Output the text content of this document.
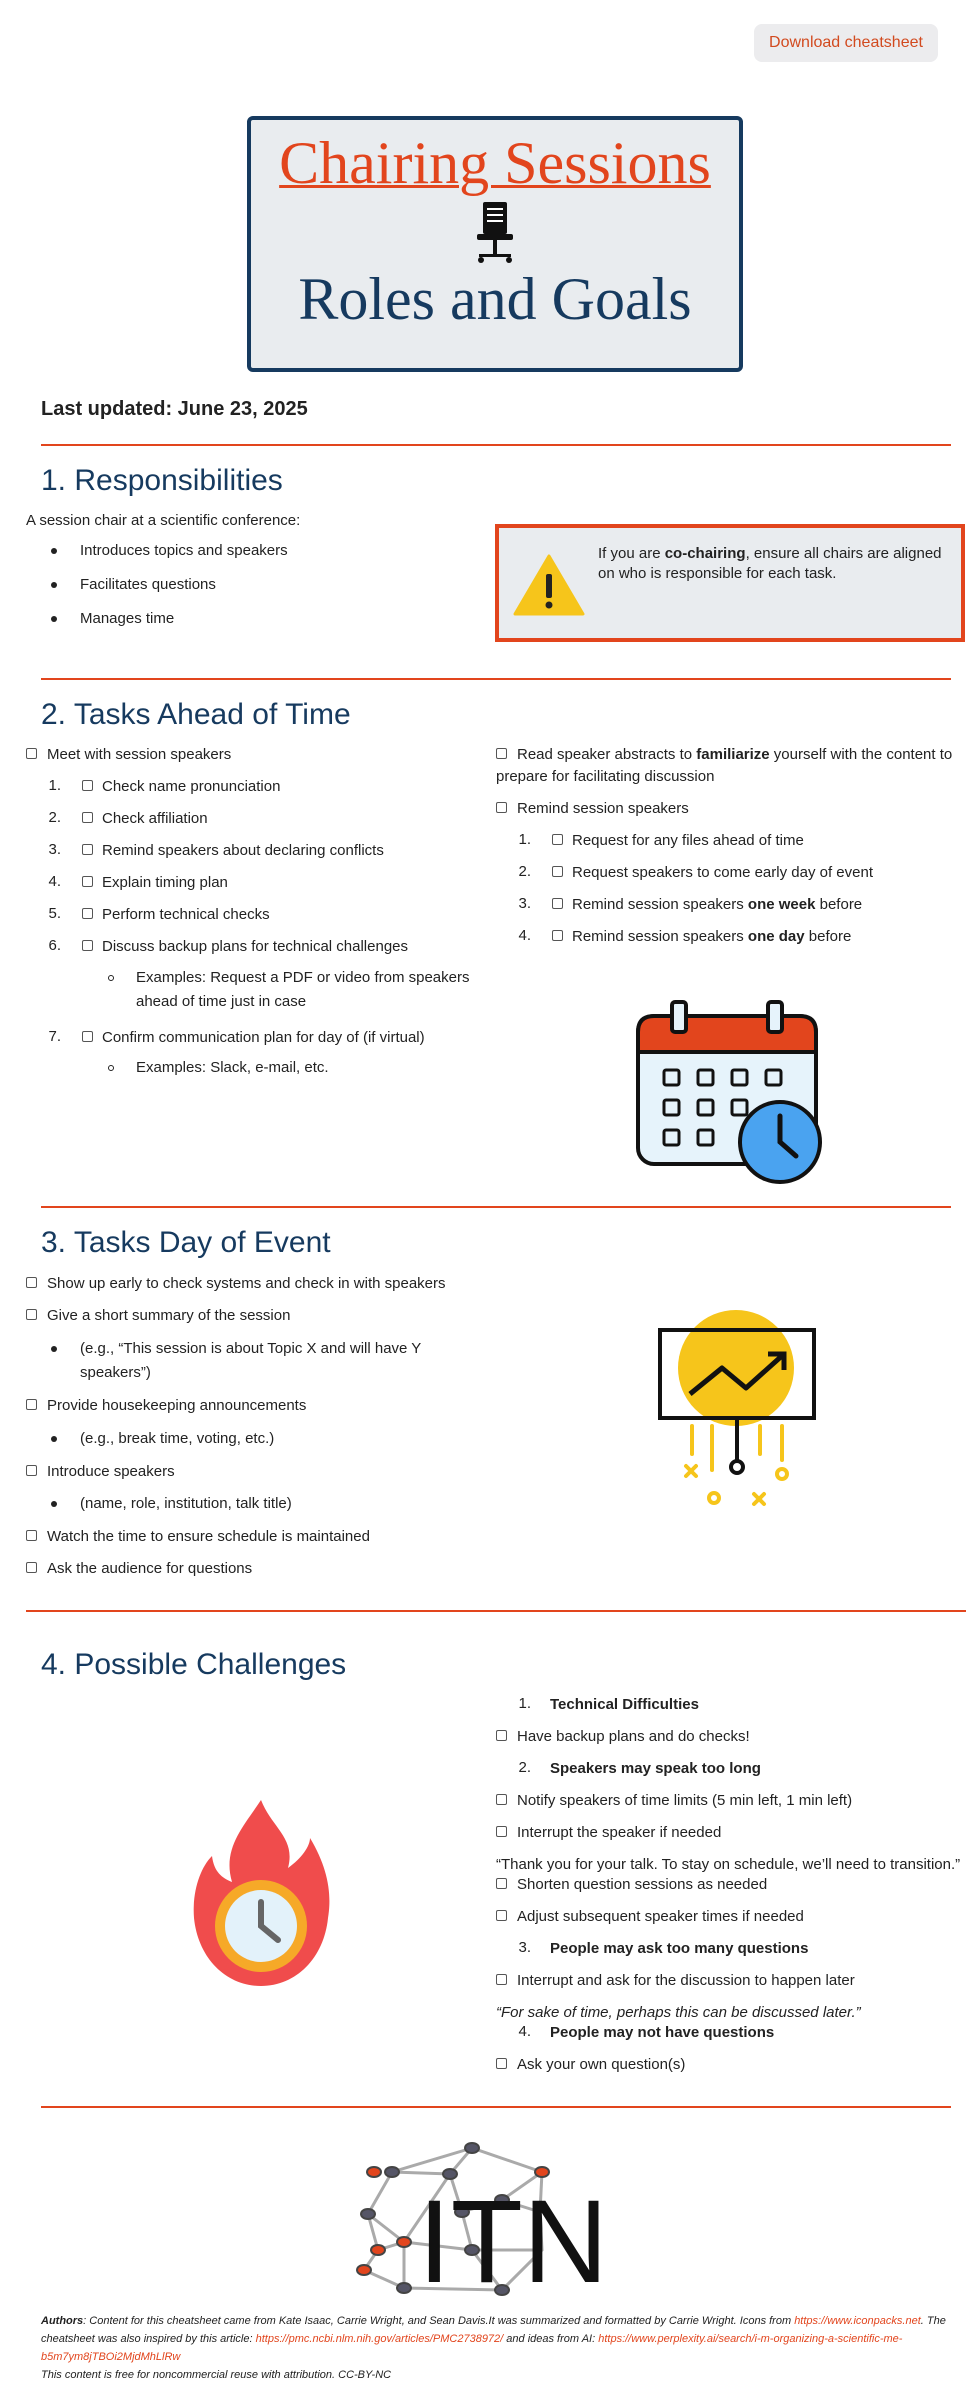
Download cheatsheet
Chairing Sessions
Roles and Goals
Last updated: June 23, 2025
1. Responsibilities
A session chair at a scientific conference:
Introduces topics and speakers
Facilitates questions
Manages time
If you are co-chairing, ensure all chairs are aligned on who is responsible for each task.
2. Tasks Ahead of Time
Meet with session speakers
1.	Check name pronunciation
2.	Check affiliation
3.	Remind speakers about declaring conflicts
4.	Explain timing plan
5.	Perform technical checks
6.	Discuss backup plans for technical challenges
Examples: Request a PDF or video from speakers
ahead of time just in case
7.	Confirm communication plan for day of (if virtual)
Examples: Slack, e-mail, etc.
Read speaker abstracts to familiarize yourself with the content to
prepare for facilitating discussion
Remind session speakers
1.	Request for any files ahead of time
2.	Request speakers to come early day of event
3.	Remind session speakers one week before
4.	Remind session speakers one day before
3. Tasks Day of Event
Show up early to check systems and check in with speakers
Give a short summary of the session
(e.g., “This session is about Topic X and will have Y
speakers”)
Provide housekeeping announcements
(e.g., break time, voting, etc.)
Introduce speakers
(name, role, institution, talk title)
Watch the time to ensure schedule is maintained
Ask the audience for questions
4. Possible Challenges
1. Technical Difficulties
Have backup plans and do checks!
2. Speakers may speak too long
Notify speakers of time limits (5 min left, 1 min left)
Interrupt the speaker if needed
“Thank you for your talk. To stay on schedule, we’ll need to transition.”
Shorten question sessions as needed
Adjust subsequent speaker times if needed
3. People may ask too many questions
Interrupt and ask for the discussion to happen later
“For sake of time, perhaps this can be discussed later.”
4. People may not have questions
Ask your own question(s)
ITN
Authors: Content for this cheatsheet came from Kate Isaac, Carrie Wright, and Sean Davis.It was summarized and formatted by Carrie Wright. Icons from https://www.iconpacks.net. The
cheatsheet was also inspired by this article: https://pmc.ncbi.nlm.nih.gov/articles/PMC2738972/ and ideas from AI: https://www.perplexity.ai/search/i-m-organizing-a-scientific-me-
b5m7ym8jTBOi2MjdMhLlRw
This content is free for noncommercial reuse with attribution. CC-BY-NC
